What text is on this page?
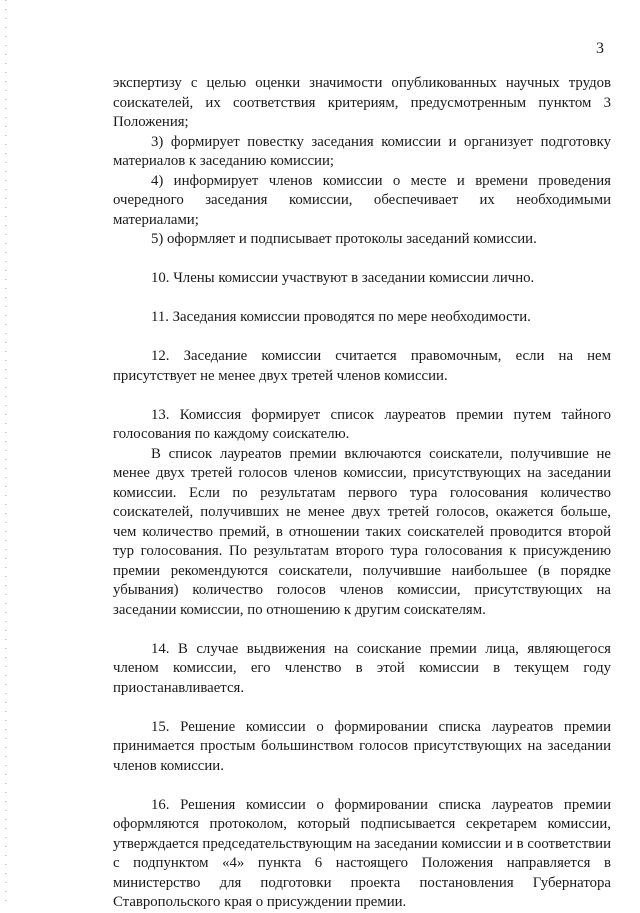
3

экспертизу с целью оценки значимости опубликованных научных трудов соискателей, их соответствия критериям, предусмотренным пунктом 3 Положения;

3) формирует повестку заседания комиссии и организует подготовку материалов к заседанию комиссии;

4) информирует членов комиссии о месте и времени проведения очередного заседания комиссии, обеспечивает их необходимыми материалами;

5) оформляет и подписывает протоколы заседаний комиссии.

10. Члены комиссии участвуют в заседании комиссии лично.

11. Заседания комиссии проводятся по мере необходимости.

12. Заседание комиссии считается правомочным, если на нем присутствует не менее двух третей членов комиссии.

13. Комиссия формирует список лауреатов премии путем тайного голосования по каждому соискателю.

В список лауреатов премии включаются соискатели, получившие не менее двух третей голосов членов комиссии, присутствующих на заседании комиссии. Если по результатам первого тура голосования количество соискателей, получивших не менее двух третей голосов, окажется больше, чем количество премий, в отношении таких соискателей проводится второй тур голосования. По результатам второго тура голосования к присуждению премии рекомендуются соискатели, получившие наибольшее (в порядке убывания) количество голосов членов комиссии, присутствующих на заседании комиссии, по отношению к другим соискателям.

14. В случае выдвижения на соискание премии лица, являющегося членом комиссии, его членство в этой комиссии в текущем году приостанавливается.

15. Решение комиссии о формировании списка лауреатов премии принимается простым большинством голосов присутствующих на заседании членов комиссии.

16. Решения комиссии о формировании списка лауреатов премии оформляются протоколом, который подписывается секретарем комиссии, утверждается председательствующим на заседании комиссии и в соответствии с подпунктом «4» пункта 6 настоящего Положения направляется в министерство для подготовки проекта постановления Губернатора Ставропольского края о присуждении премии.
